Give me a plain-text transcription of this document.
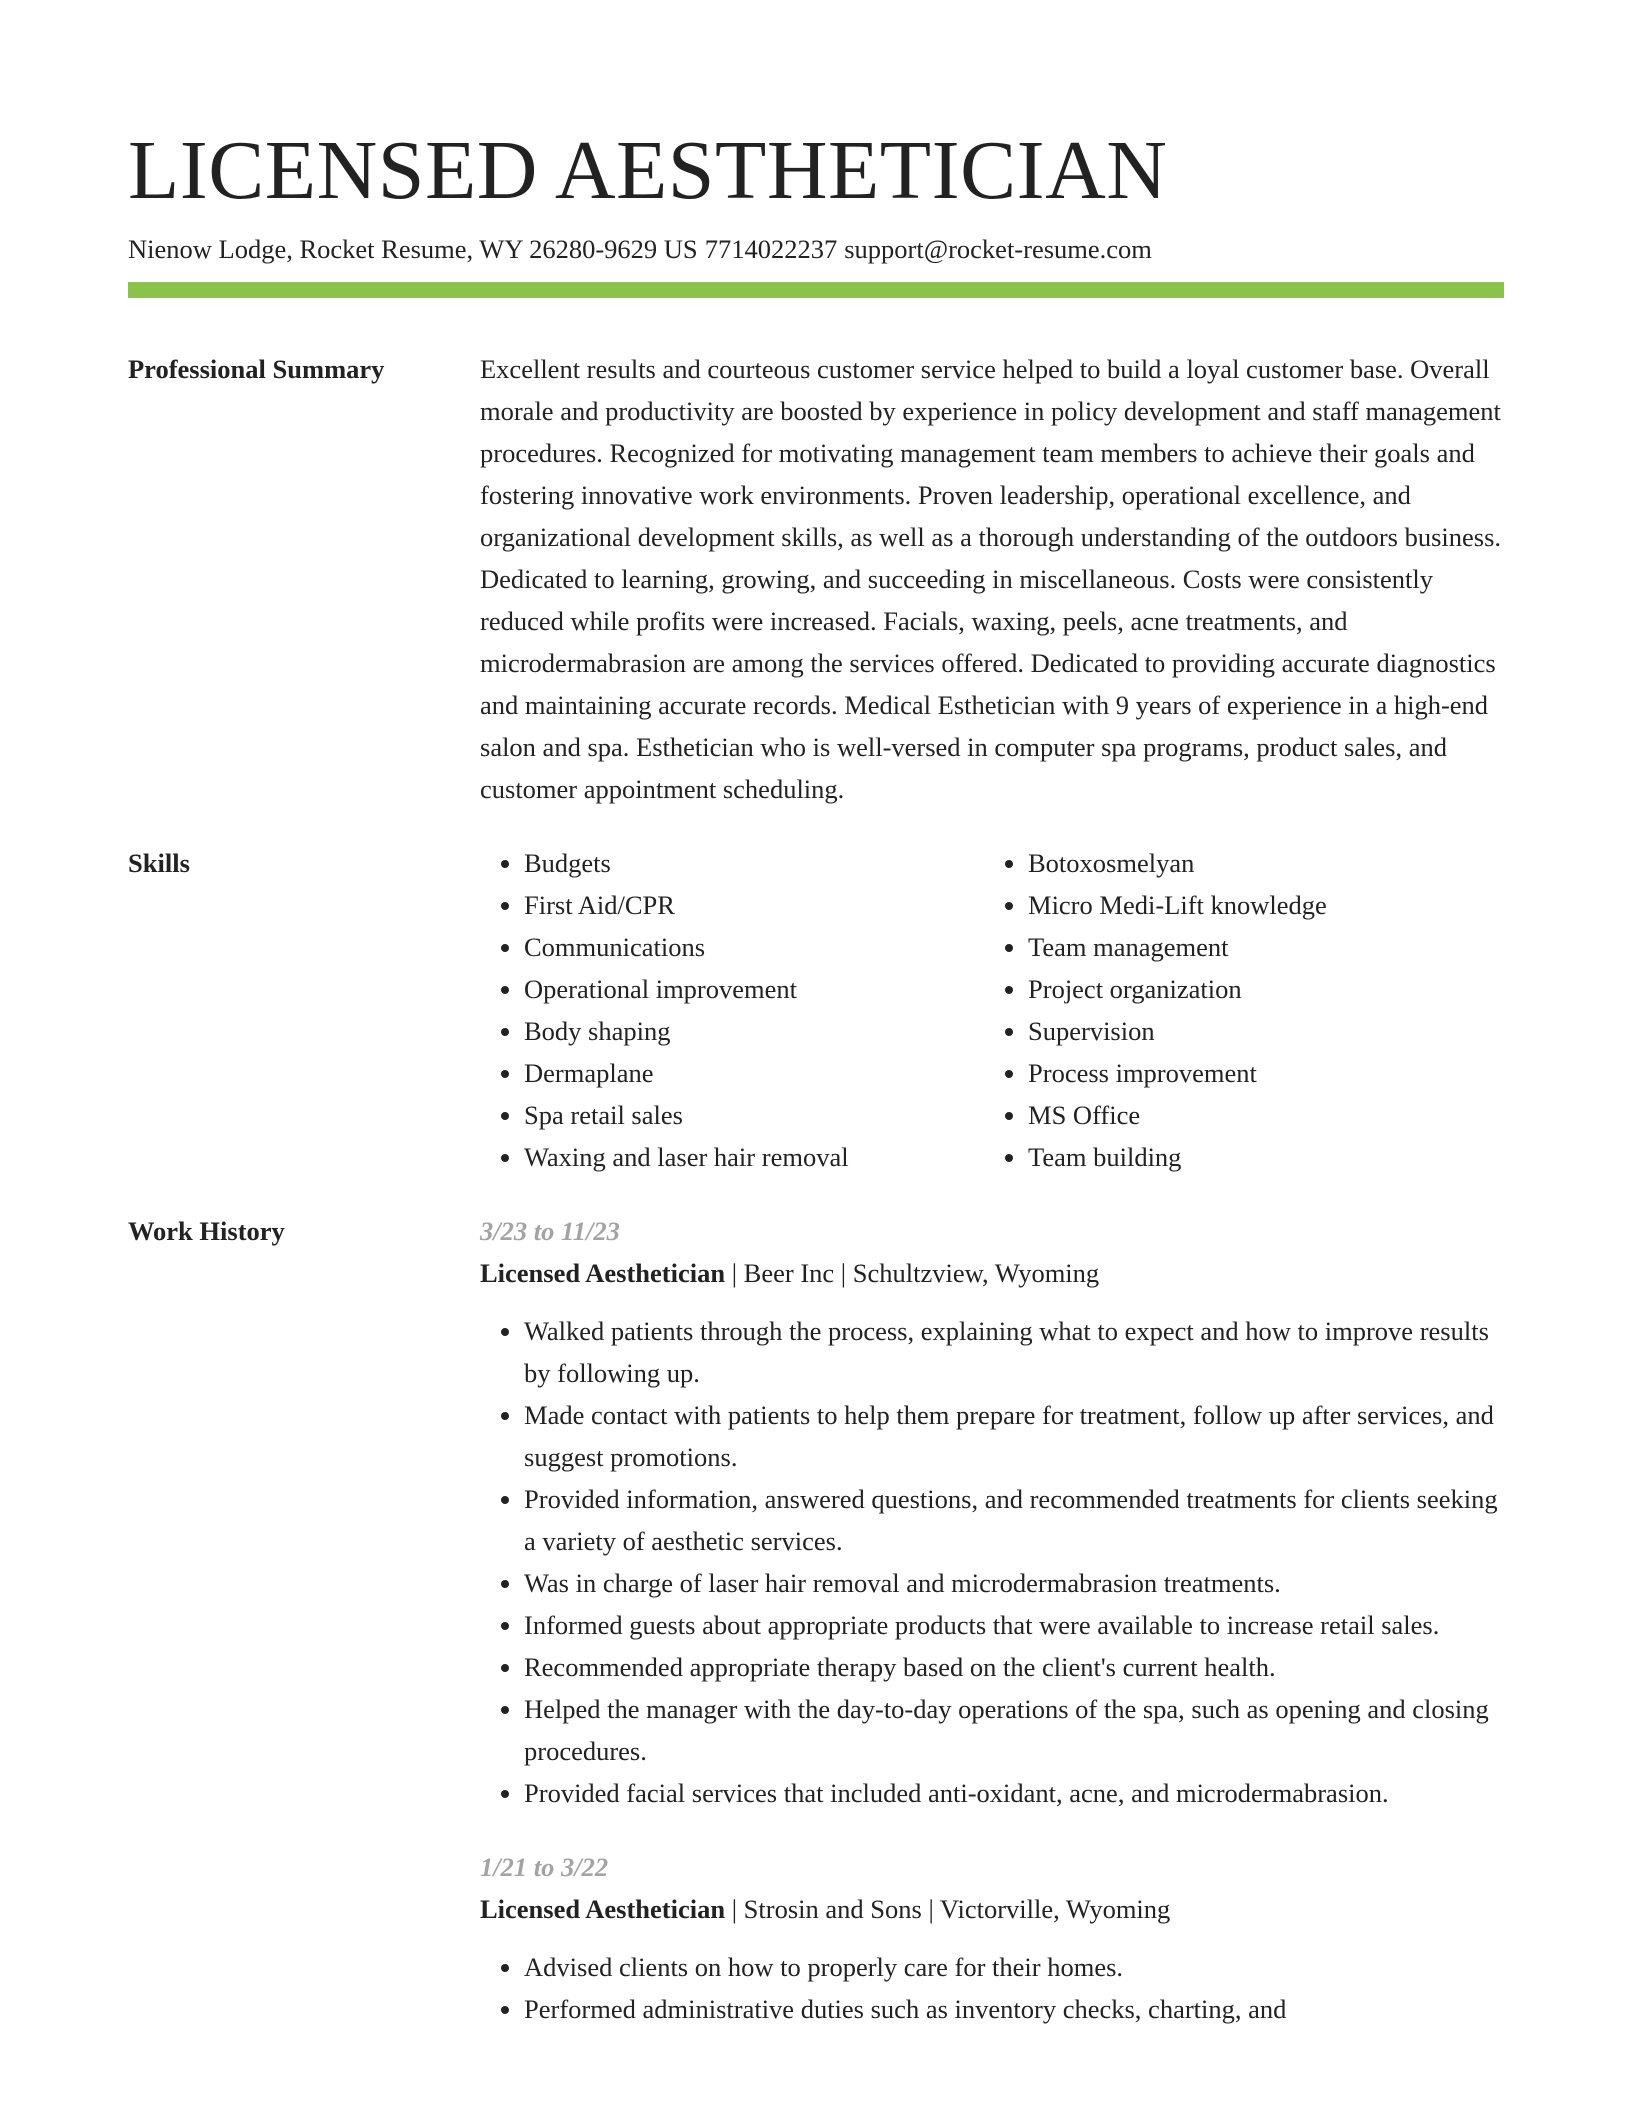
LICENSED AESTHETICIAN
Nienow Lodge, Rocket Resume, WY 26280-9629 US 7714022237 support@rocket-resume.com
Professional Summary	Excellent results and courteous customer service helped to build a loyal customer base. Overall morale and productivity are boosted by experience in policy development and staff management procedures. Recognized for motivating management team members to achieve their goals and fostering innovative work environments. Proven leadership, operational excellence, and organizational development skills, as well as a thorough understanding of the outdoors business. Dedicated to learning, growing, and succeeding in miscellaneous. Costs were consistently reduced while profits were increased. Facials, waxing, peels, acne treatments, and microdermabrasion are among the services offered. Dedicated to providing accurate diagnostics and maintaining accurate records. Medical Esthetician with 9 years of experience in a high-end salon and spa. Esthetician who is well-versed in computer spa programs, product sales, and customer appointment scheduling.
Skills
•	Budgets
• First Aid/CPR
• Communications
• Operational improvement
• Body shaping
• Dermaplane
• Spa retail sales
• Waxing and laser hair removal
• Botoxosmelyan
• Micro Medi-Lift knowledge
• Team management
• Project organization
• Supervision
• Process improvement
• MS Office
• Team building
Work History	3/23 to 11/23
Licensed Aesthetician | Beer Inc | Schultzview, Wyoming
• Walked patients through the process, explaining what to expect and how to improve results by following up.
• Made contact with patients to help them prepare for treatment, follow up after services, and suggest promotions.
• Provided information, answered questions, and recommended treatments for clients seeking a variety of aesthetic services.
• Was in charge of laser hair removal and microdermabrasion treatments.
• Informed guests about appropriate products that were available to increase retail sales.
• Recommended appropriate therapy based on the client's current health.
• Helped the manager with the day-to-day operations of the spa, such as opening and closing procedures.
• Provided facial services that included anti-oxidant, acne, and microdermabrasion.
1/21 to 3/22
Licensed Aesthetician | Strosin and Sons | Victorville, Wyoming
• Advised clients on how to properly care for their homes.
• Performed administrative duties such as inventory checks, charting, and
